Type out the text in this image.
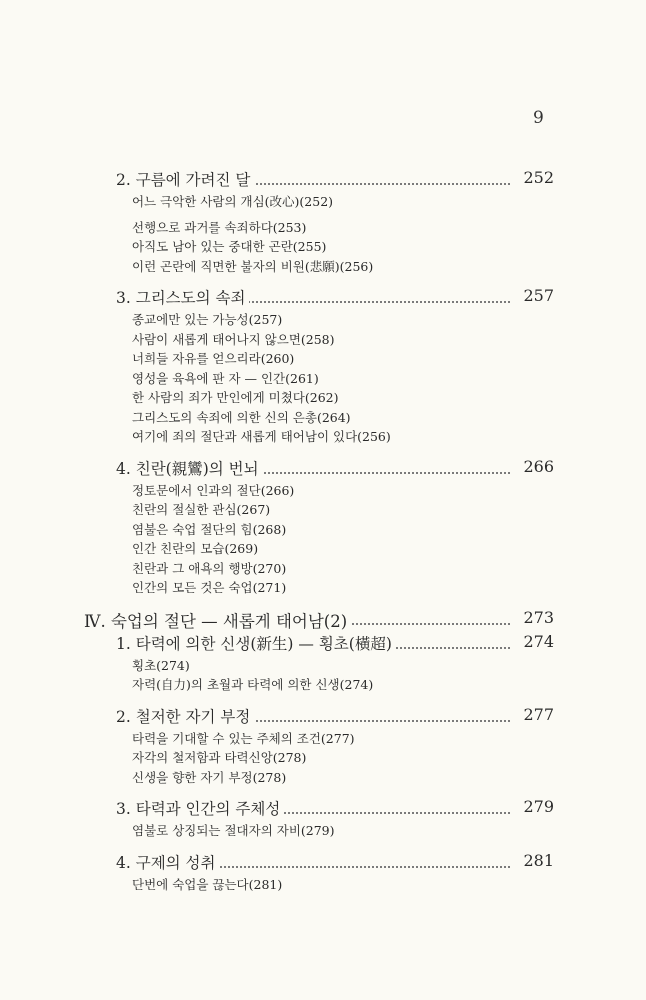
9
2. 구름에 가려진 달	252
어느 극악한 사람의 개심(改心)(252)
선행으로 과거를 속죄하다(253)
아직도 남아 있는 중대한 곤란(255)
이런 곤란에 직면한 불자의 비원(悲願)(256)
3. 그리스도의 속죄	257
종교에만 있는 가능성(257)
사람이 새롭게 태어나지 않으면(258)
너희들 자유를 얻으리라(260)
영성을 육욕에 판 자 — 인간(261)
한 사람의 죄가 만인에게 미쳤다(262)
그리스도의 속죄에 의한 신의 은총(264)
여기에 죄의 절단과 새롭게 태어남이 있다(256)
4. 친란(親鸞)의 번뇌	266
정토문에서 인과의 절단(266)
친란의 절실한 관심(267)
염불은 숙업 절단의 힘(268)
인간 친란의 모습(269)
친란과 그 애욕의 행방(270)
인간의 모든 것은 숙업(271)
Ⅳ. 숙업의 절단 — 새롭게 태어남(2)	273
1. 타력에 의한 신생(新生) — 횡초(橫超)	274
횡초(274)
자력(自力)의 초월과 타력에 의한 신생(274)
2. 철저한 자기 부정	277
타력을 기대할 수 있는 주체의 조건(277)
자각의 철저함과 타력신앙(278)
신생을 향한 자기 부정(278)
3. 타력과 인간의 주체성	279
염불로 상징되는 절대자의 자비(279)
4. 구제의 성취	281
단번에 숙업을 끊는다(281)
